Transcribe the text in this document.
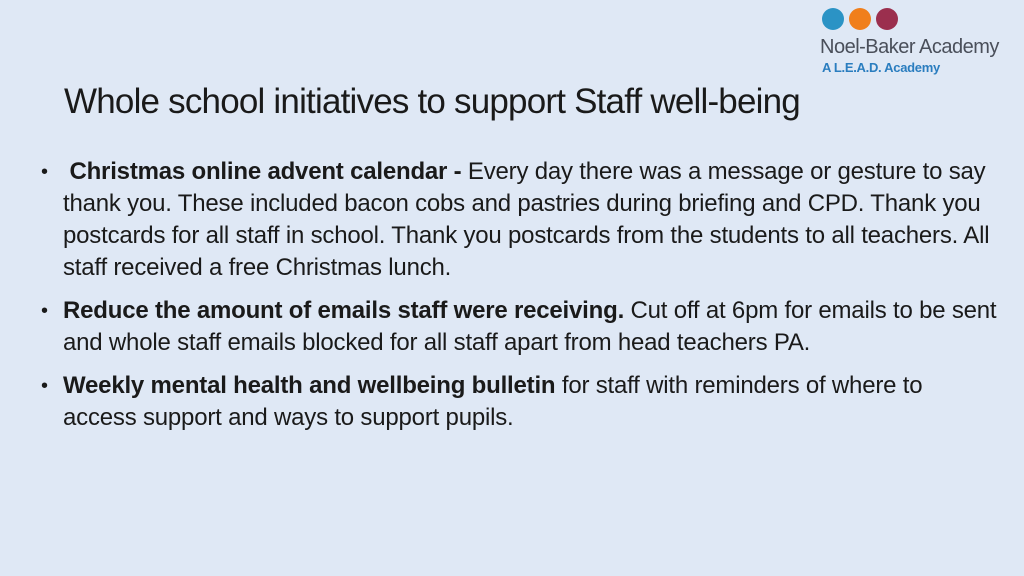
Noel-Baker Academy
A L.E.A.D. Academy
Whole school initiatives to support Staff well-being
• Christmas online advent calendar - Every day there was a message or gesture to say thank you. These included bacon cobs and pastries during briefing and CPD. Thank you postcards for all staff in school. Thank you postcards from the students to all teachers. All staff received a free Christmas lunch.
• Reduce the amount of emails staff were receiving. Cut off at 6pm for emails to be sent and whole staff emails blocked for all staff apart from head teachers PA.
• Weekly mental health and wellbeing bulletin for staff with reminders of where to access support and ways to support pupils.
